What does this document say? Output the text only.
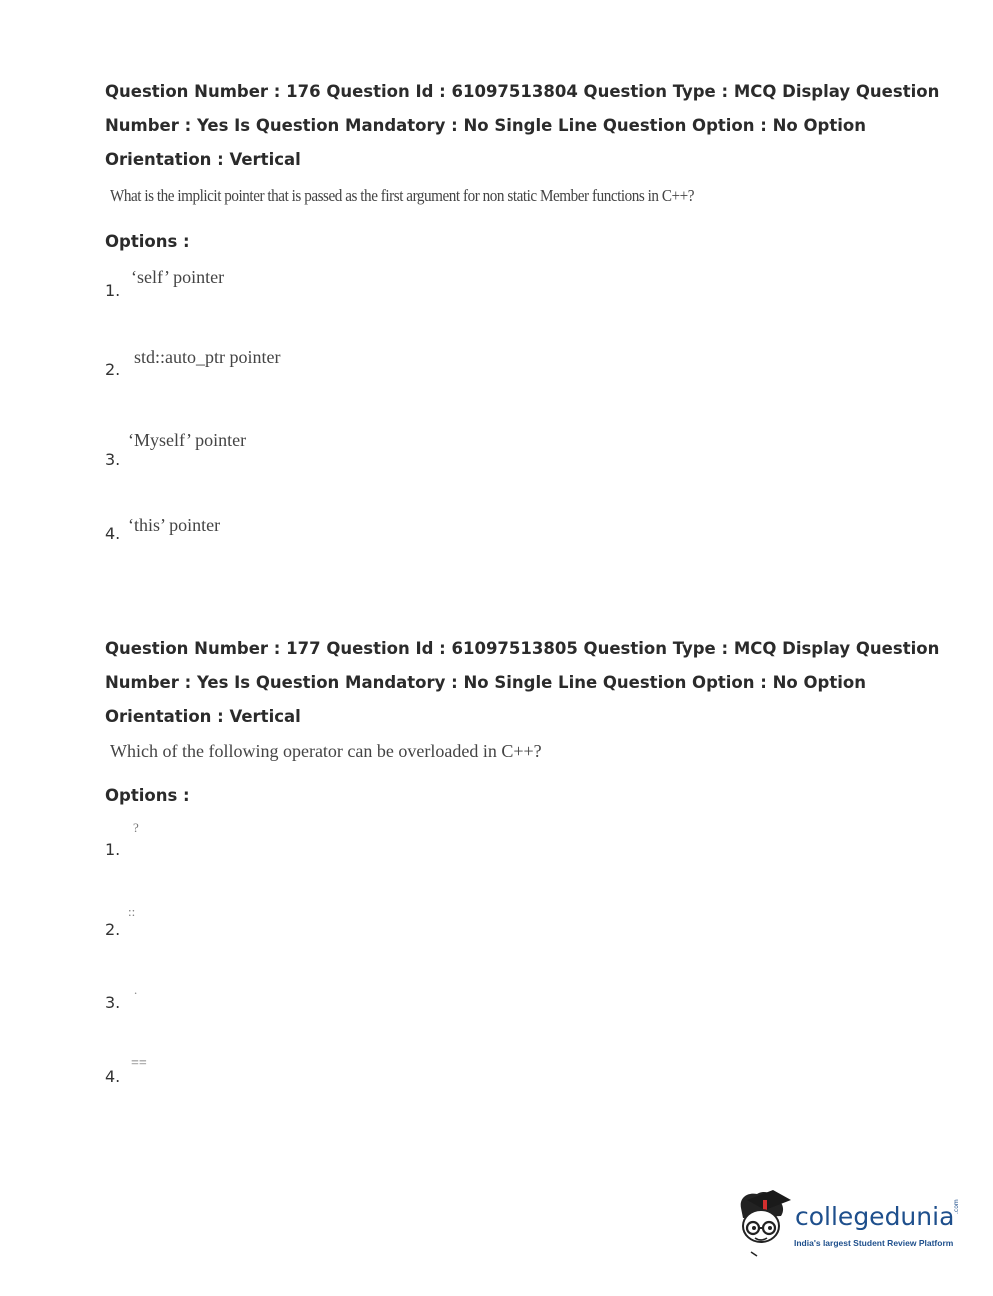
Question Number : 176 Question Id : 61097513804 Question Type : MCQ Display Question
Number : Yes Is Question Mandatory : No Single Line Question Option : No Option
Orientation : Vertical
What is the implicit pointer that is passed as the first argument for non static Member functions in C++?
Options :
1.
‘self’ pointer
2.
std::auto_ptr pointer
3.
‘Myself’ pointer
4. ‘this’ pointer
Question Number : 177 Question Id : 61097513805 Question Type : MCQ Display Question
Number : Yes Is Question Mandatory : No Single Line Question Option : No Option
Orientation : Vertical
Which of the following operator can be overloaded in C++?
Options :
1.
?
2.
::
3.
.
4.
==
collegedunia
.com
India's largest Student Review Platform
